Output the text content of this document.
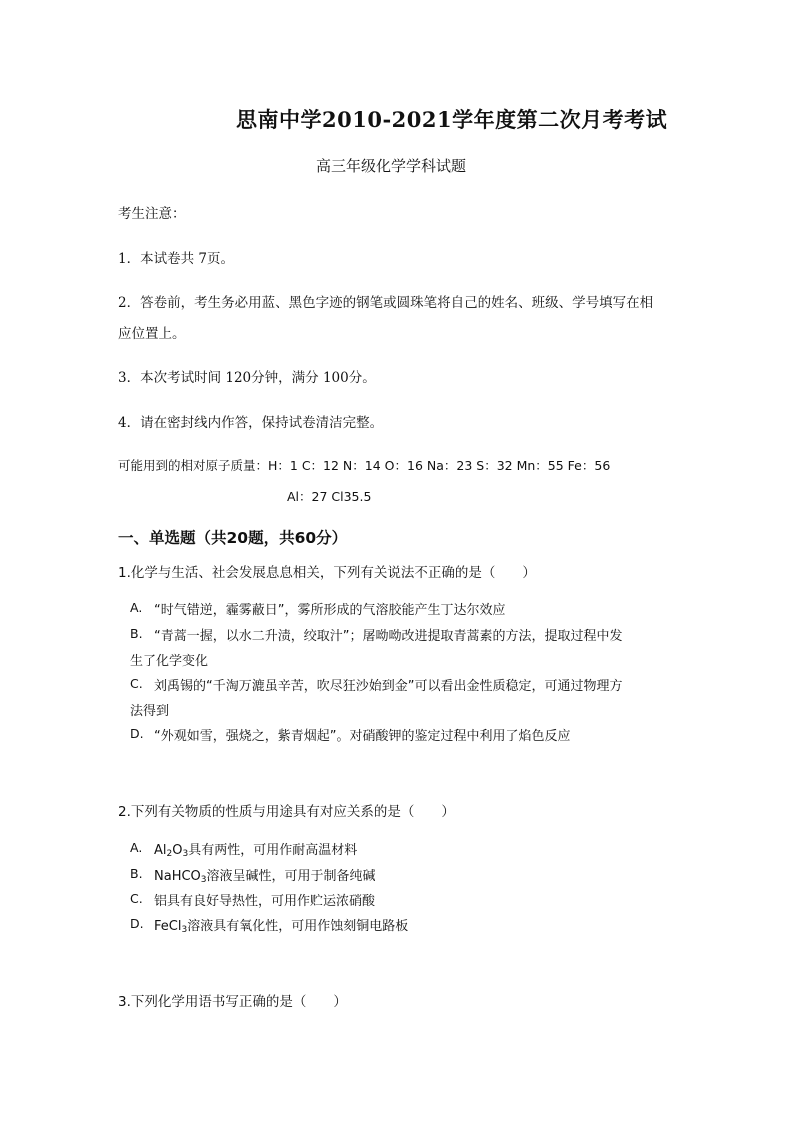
思南中学2010-2021学年度第二次月考考试
高三年级化学学科试题
考生注意：
1．本试卷共 7页。
2．答卷前，考生务必用蓝、黑色字迹的钢笔或圆珠笔将自己的姓名、班级、学号填写在相
应位置上。
3．本次考试时间 120分钟，满分 100分。
4．请在密封线内作答，保持试卷清洁完整。
可能用到的相对原子质量：H：1 C：12 N：14 O：16 Na：23 S：32 Mn：55 Fe：56
Al：27 Cl35.5
一、单选题（共20题，共60分）
1.化学与生活、社会发展息息相关，下列有关说法不正确的是（　　）
A. “时气错逆，霾雾蔽日”，雾所形成的气溶胶能产生丁达尔效应
B. “青蒿一握，以水二升渍，绞取汁”；屠呦呦改进提取青蒿素的方法，提取过程中发
生了化学变化
C. 刘禹锡的“千淘万漉虽辛苦，吹尽狂沙始到金”可以看出金性质稳定，可通过物理方
法得到
D. “外观如雪，强烧之，紫青烟起”。对硝酸钾的鉴定过程中利用了焰色反应
2.下列有关物质的性质与用途具有对应关系的是（　　）
A. $Al_2O_3$具有两性，可用作耐高温材料
B. NaHCO$_3$溶液呈碱性，可用于制备纯碱
C. 铝具有良好导热性，可用作贮运浓硝酸
D. FeCl$_3$溶液具有氧化性，可用作蚀刻铜电路板
3.下列化学用语书写正确的是（　　）
